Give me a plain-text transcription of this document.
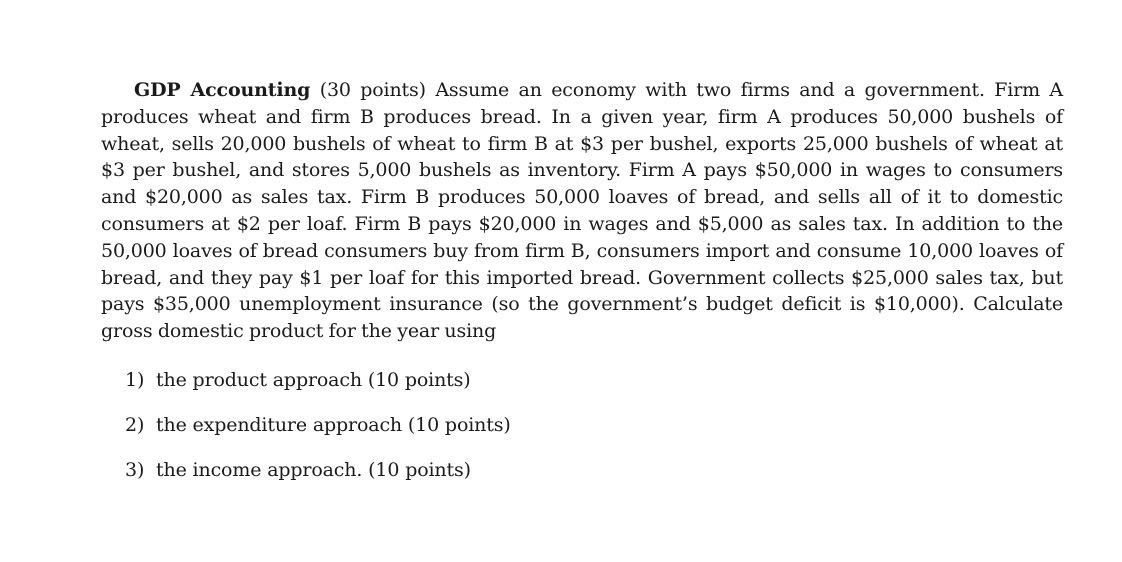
GDP Accounting (30 points) Assume an economy with two firms and a government. Firm A produces wheat and firm B produces bread. In a given year, firm A produces 50,000 bushels of wheat, sells 20,000 bushels of wheat to firm B at $3 per bushel, exports 25,000 bushels of wheat at $3 per bushel, and stores 5,000 bushels as inventory. Firm A pays $50,000 in wages to consumers and $20,000 as sales tax. Firm B produces 50,000 loaves of bread, and sells all of it to domestic consumers at $2 per loaf. Firm B pays $20,000 in wages and $5,000 as sales tax. In addition to the 50,000 loaves of bread consumers buy from firm B, consumers import and consume 10,000 loaves of bread, and they pay $1 per loaf for this imported bread. Government collects $25,000 sales tax, but pays $35,000 unemployment insurance (so the government’s budget deficit is $10,000). Calculate gross domestic product for the year using

1) the product approach (10 points)
2) the expenditure approach (10 points)
3) the income approach. (10 points)
